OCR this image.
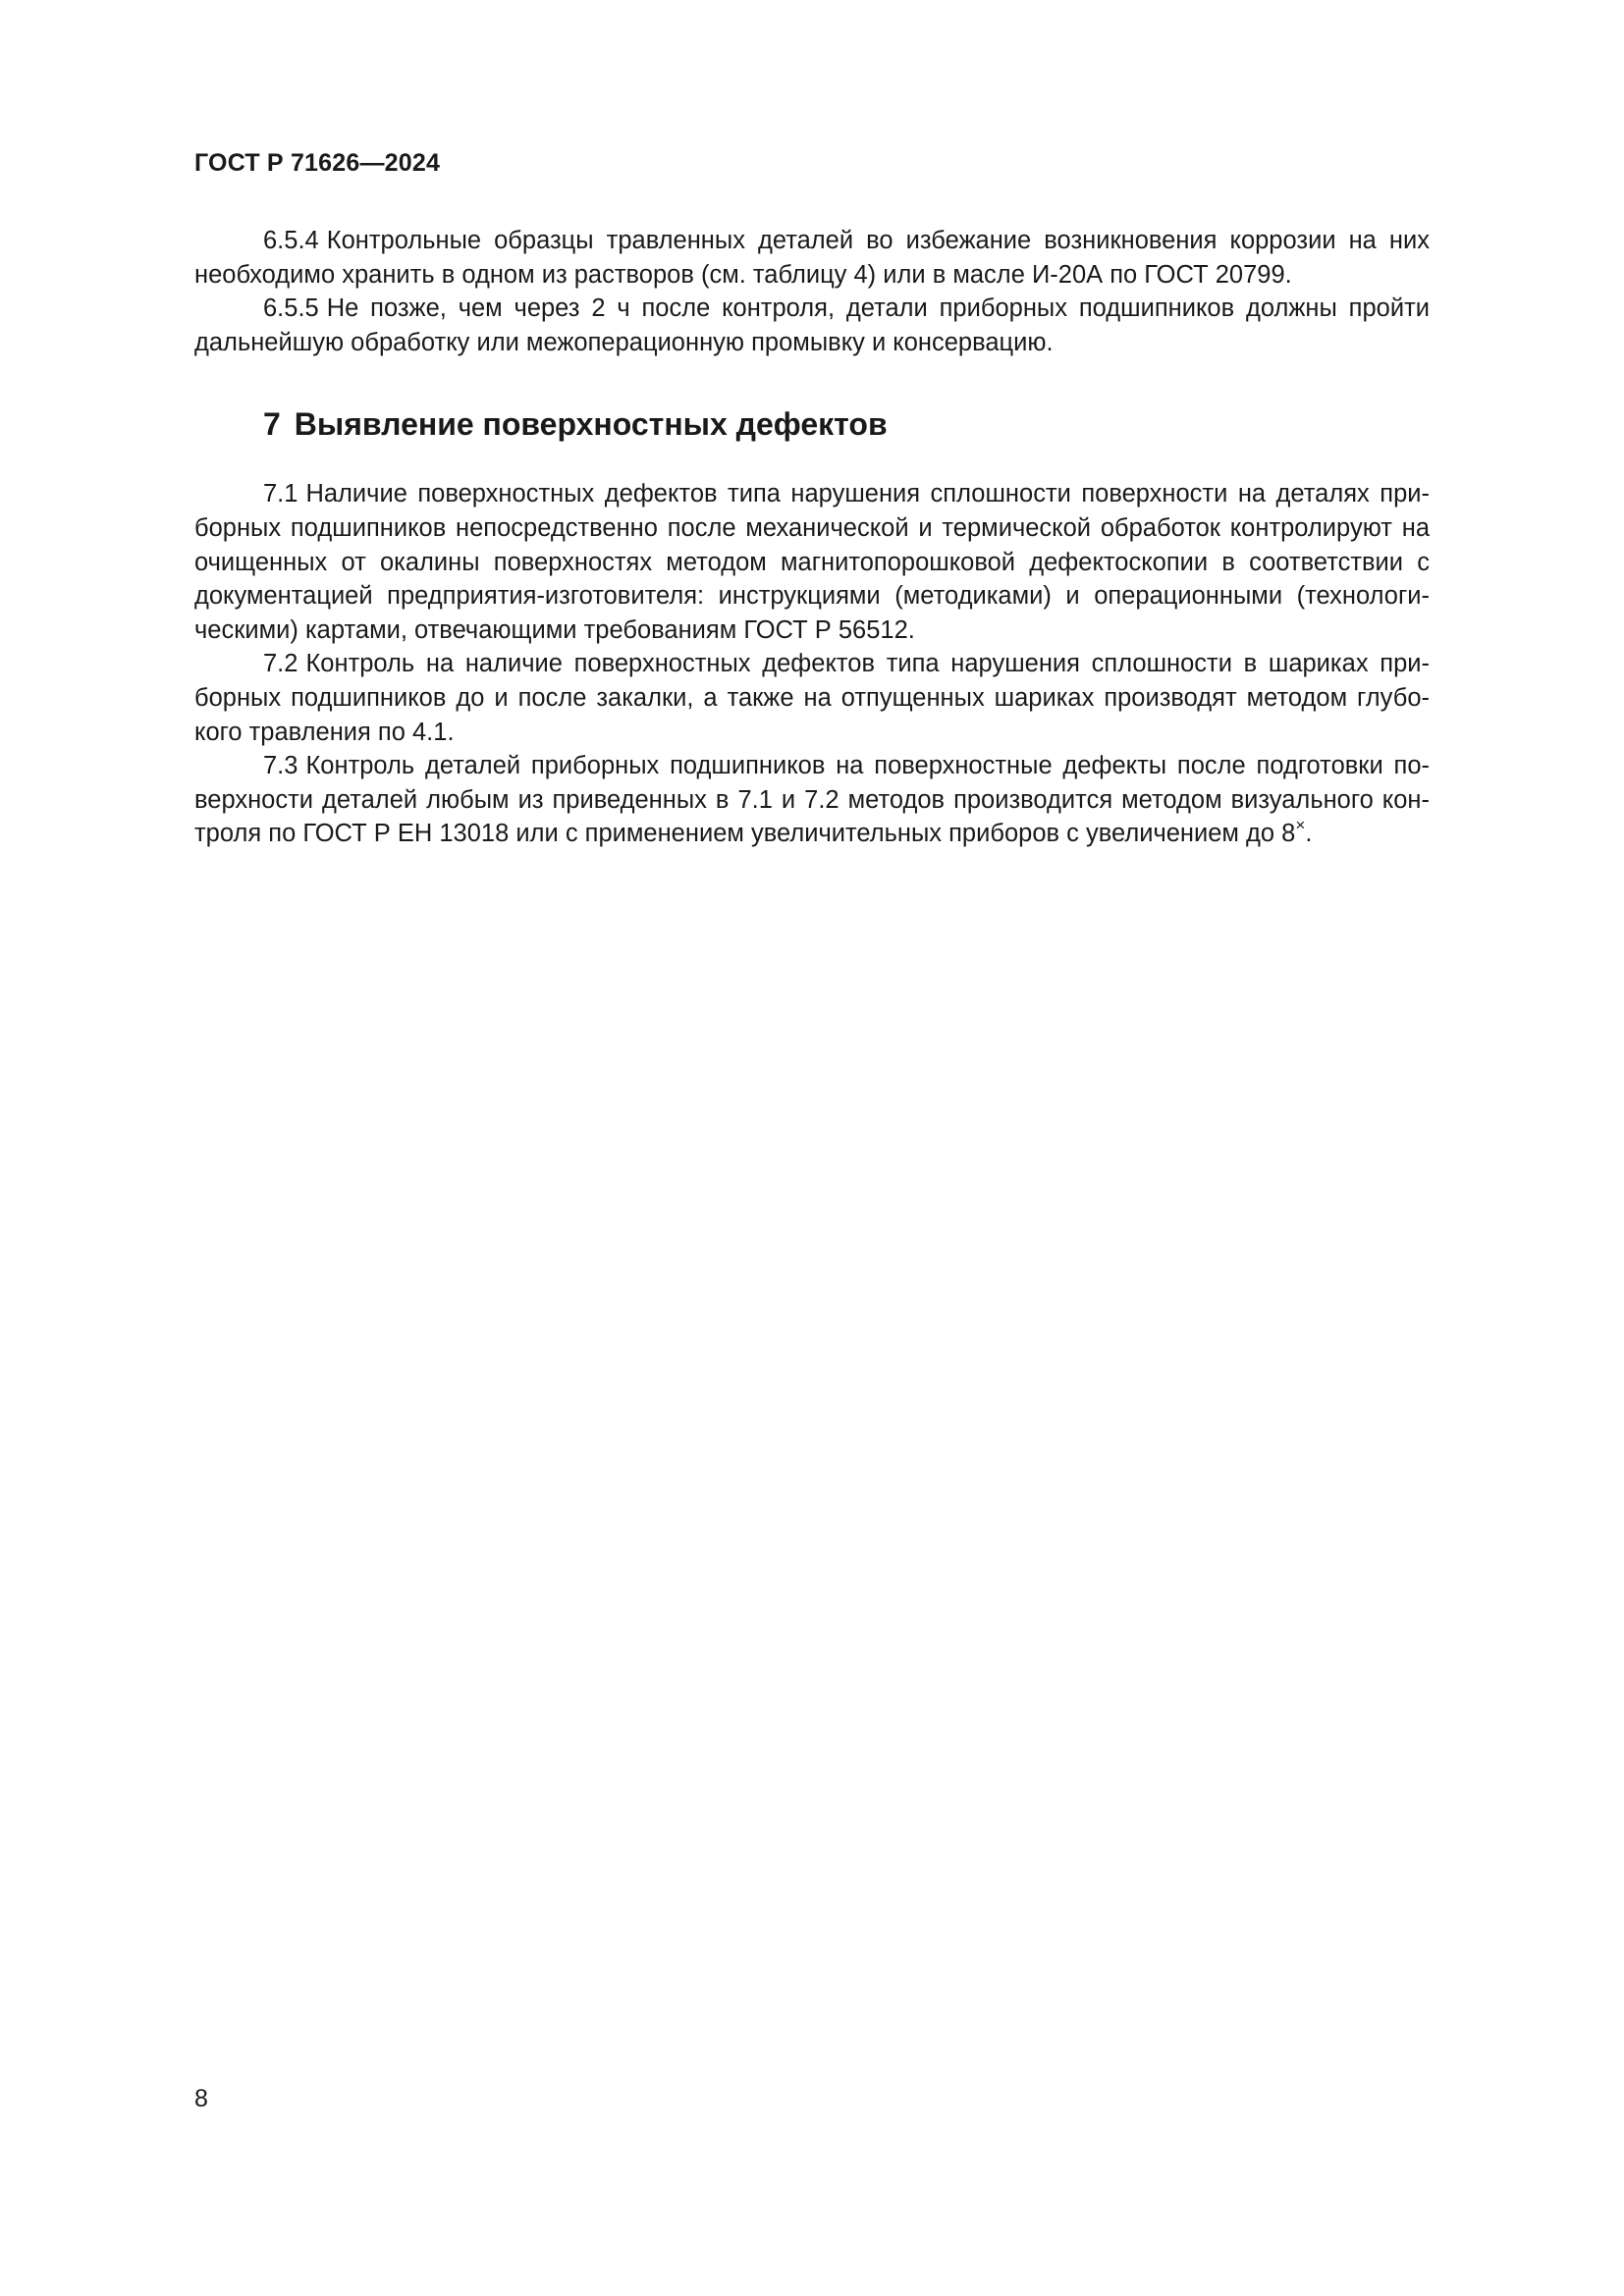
ГОСТ Р 71626—2024

6.5.4 Контрольные образцы травленных деталей во избежание возникновения коррозии на них необходимо хранить в одном из растворов (см. таблицу 4) или в масле И-20А по ГОСТ 20799.

6.5.5 Не позже, чем через 2 ч после контроля, детали приборных подшипников должны пройти дальнейшую обработку или межоперационную промывку и консервацию.

7 Выявление поверхностных дефектов

7.1 Наличие поверхностных дефектов типа нарушения сплошности поверхности на деталях приборных подшипников непосредственно после механической и термической обработок контролируют на очищенных от окалины поверхностях методом магнитопорошковой дефектоскопии в соответствии с документацией предприятия-изготовителя: инструкциями (методиками) и операционными (технологическими) картами, отвечающими требованиям ГОСТ Р 56512.

7.2 Контроль на наличие поверхностных дефектов типа нарушения сплошности в шариках приборных подшипников до и после закалки, а также на отпущенных шариках производят методом глубокого травления по 4.1.

7.3 Контроль деталей приборных подшипников на поверхностные дефекты после подготовки поверхности деталей любым из приведенных в 7.1 и 7.2 методов производится методом визуального контроля по ГОСТ Р ЕН 13018 или с применением увеличительных приборов с увеличением до 8×.

8
